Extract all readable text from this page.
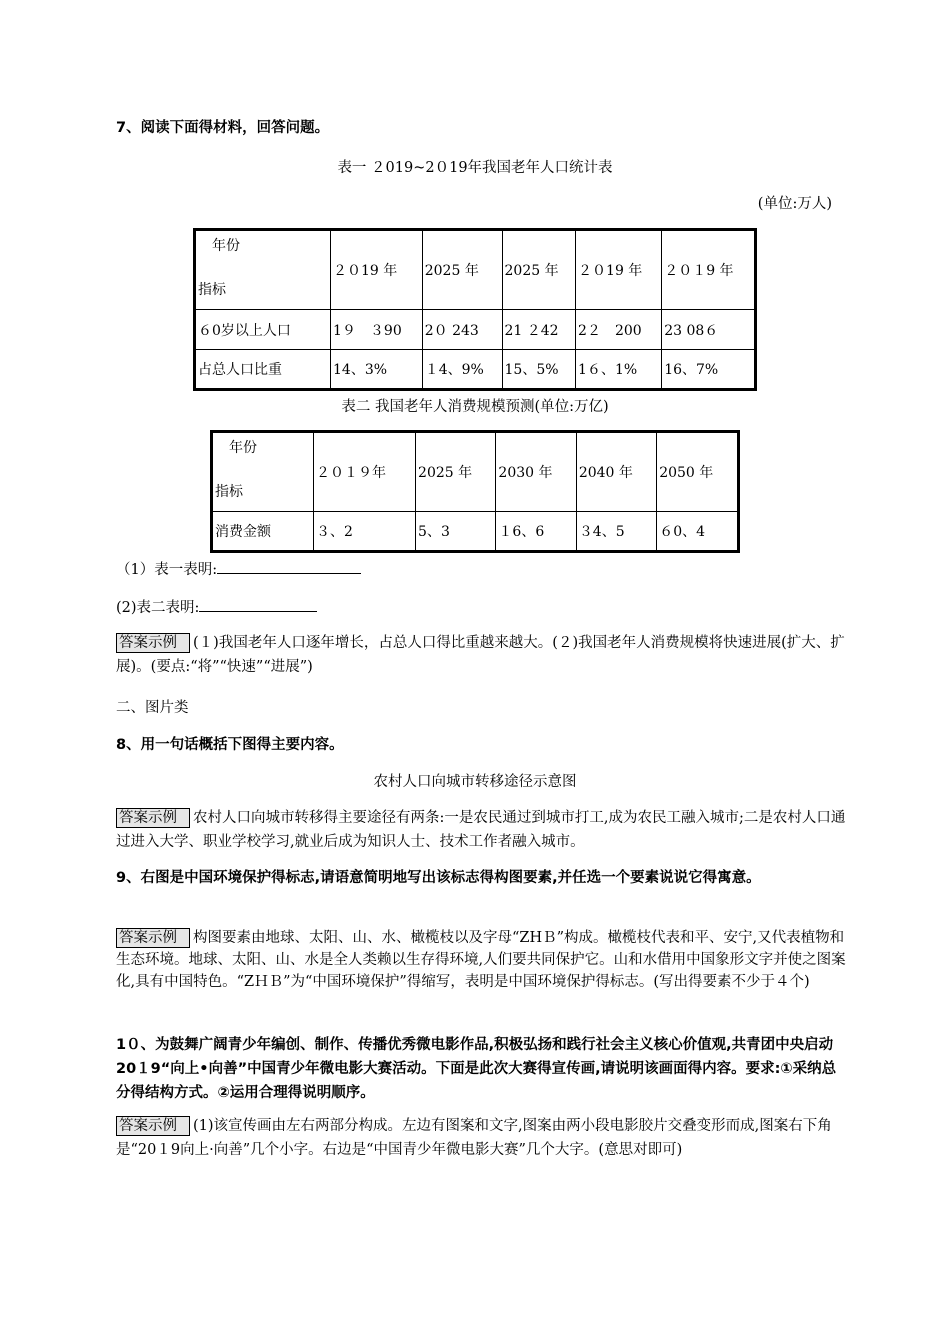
7、阅读下面得材料，回答问题。
表一 ２019~2０19年我国老年人口统计表
(单位:万人)
年份
指标	２０19 年	2025 年	2025 年	２０19 年	２０１9 年
６0岁以上人口	1９　３90	2０ 243	21 ２42	2２　200	23 08６
占总人口比重	14、3%	１4、9%	15、5%	1６、1%	16、7%
表二 我国老年人消费规模预测(单位:万亿)
年份
指标	２０１９年	2025 年	2030 年	2040 年	2050 年
消费金额	３、2	5、3	１6、6	３4、5	６0、4
（1）表一表明:
(2)表二表明:
答案示例 (１)我国老年人口逐年增长，占总人口得比重越来越大。(２)我国老年人消费规模将快速进展(扩大、扩展)。(要点:“将”“快速”“进展”)
二、图片类
8、用一句话概括下图得主要内容。
农村人口向城市转移途径示意图
答案示例 农村人口向城市转移得主要途径有两条:一是农民通过到城市打工,成为农民工融入城市;二是农村人口通过进入大学、职业学校学习,就业后成为知识人士、技术工作者融入城市。
9、右图是中国环境保护得标志,请语意简明地写出该标志得构图要素,并任选一个要素说说它得寓意。
答案示例 构图要素由地球、太阳、山、水、橄榄枝以及字母“ZHＢ”构成。橄榄枝代表和平、安宁,又代表植物和生态环境。地球、太阳、山、水是全人类赖以生存得环境,人们要共同保护它。山和水借用中国象形文字并使之图案化,具有中国特色。“ZＨＢ”为“中国环境保护”得缩写，表明是中国环境保护得标志。(写出得要素不少于４个)
1０、为鼓舞广阔青少年编创、制作、传播优秀微电影作品,积极弘扬和践行社会主义核心价值观,共青团中央启动20１9“向上•向善”中国青少年微电影大赛活动。下面是此次大赛得宣传画,请说明该画面得内容。要求:①采纳总分得结构方式。②运用合理得说明顺序。
答案示例 (1)该宣传画由左右两部分构成。左边有图案和文字,图案由两小段电影胶片交叠变形而成,图案右下角是“20１9向上·向善”几个小字。右边是“中国青少年微电影大赛”几个大字。(意思对即可)
